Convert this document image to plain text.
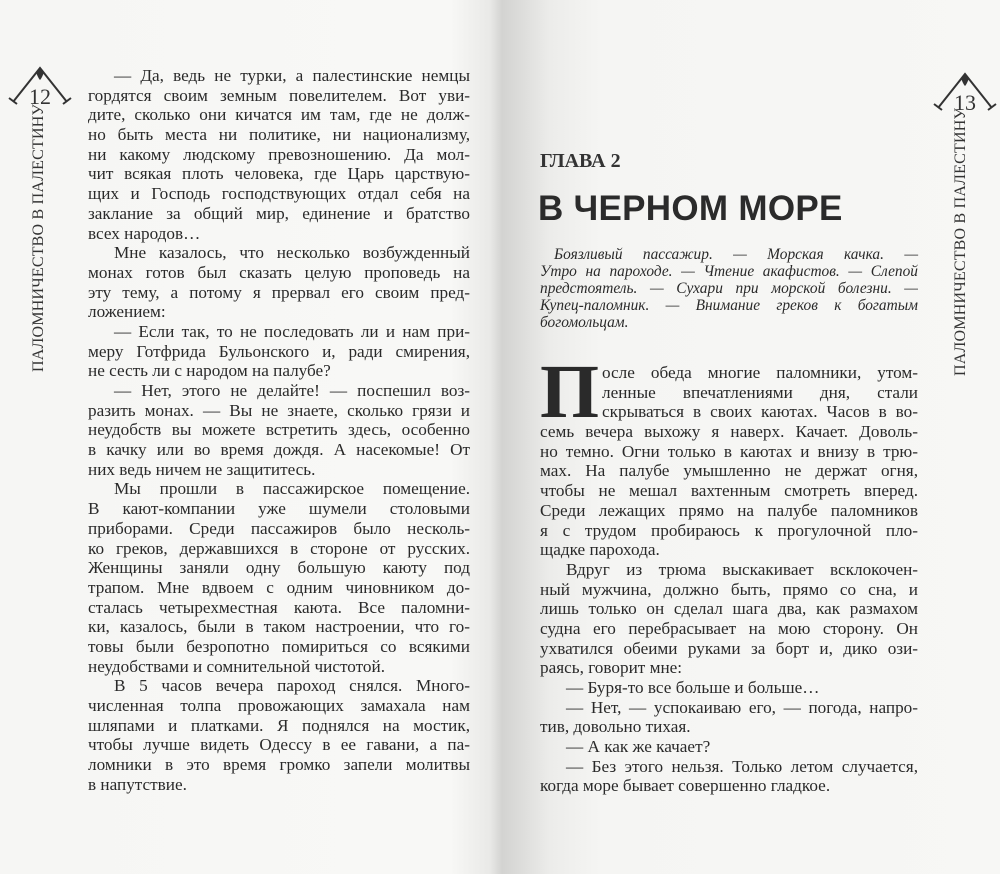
12
ПАЛОМНИЧЕСТВО В ПАЛЕСТИНУ
— Да, ведь не турки, а палестинские немцы
гордятся своим земным повелителем. Вот уви-
дите, сколько они кичатся им там, где не долж-
но быть места ни политике, ни национализму,
ни какому людскому превозношению. Да мол-
чит всякая плоть человека, где Царь царствую-
щих и Господь господствующих отдал себя на
заклание за общий мир, единение и братство
всех народов…
Мне казалось, что несколько возбужденный
монах готов был сказать целую проповедь на
эту тему, а потому я прервал его своим пред-
ложением:
— Если так, то не последовать ли и нам при-
меру Готфрида Бульонского и, ради смирения,
не сесть ли с народом на палубе?
— Нет, этого не делайте! — поспешил воз-
разить монах. — Вы не знаете, сколько грязи и
неудобств вы можете встретить здесь, особенно
в качку или во время дождя. А насекомые! От
них ведь ничем не защититесь.
Мы прошли в пассажирское помещение.
В кают-компании уже шумели столовыми
приборами. Среди пассажиров было несколь-
ко греков, державшихся в стороне от русских.
Женщины заняли одну большую каюту под
трапом. Мне вдвоем с одним чиновником до-
сталась четырехместная каюта. Все паломни-
ки, казалось, были в таком настроении, что го-
товы были безропотно помириться со всякими
неудобствами и сомнительной чистотой.
В 5 часов вечера пароход снялся. Много-
численная толпа провожающих замахала нам
шляпами и платками. Я поднялся на мостик,
чтобы лучше видеть Одессу в ее гавани, а па-
ломники в это время громко запели молитвы
в напутствие.
13
ПАЛОМНИЧЕСТВО В ПАЛЕСТИНУ
ГЛАВА 2
В ЧЕРНОМ МОРЕ
Боязливый пассажир. — Морская качка. —
Утро на пароходе. — Чтение акафистов. — Слепой
предстоятель. — Сухари при морской болезни. —
Купец-паломник. — Внимание греков к богатым
богомольцам.
П осле обеда многие паломники, утом-
ленные впечатлениями дня, стали
скрываться в своих каютах. Часов в во-
семь вечера выхожу я наверх. Качает. Доволь-
но темно. Огни только в каютах и внизу в трю-
мах. На палубе умышленно не держат огня,
чтобы не мешал вахтенным смотреть вперед.
Среди лежащих прямо на палубе паломников
я с трудом пробираюсь к прогулочной пло-
щадке парохода.
Вдруг из трюма выскакивает всклокочен-
ный мужчина, должно быть, прямо со сна, и
лишь только он сделал шага два, как размахом
судна его перебрасывает на мою сторону. Он
ухватился обеими руками за борт и, дико ози-
раясь, говорит мне:
— Буря-то все больше и больше…
— Нет, — успокаиваю его, — погода, напро-
тив, довольно тихая.
— А как же качает?
— Без этого нельзя. Только летом случается,
когда море бывает совершенно гладкое.
